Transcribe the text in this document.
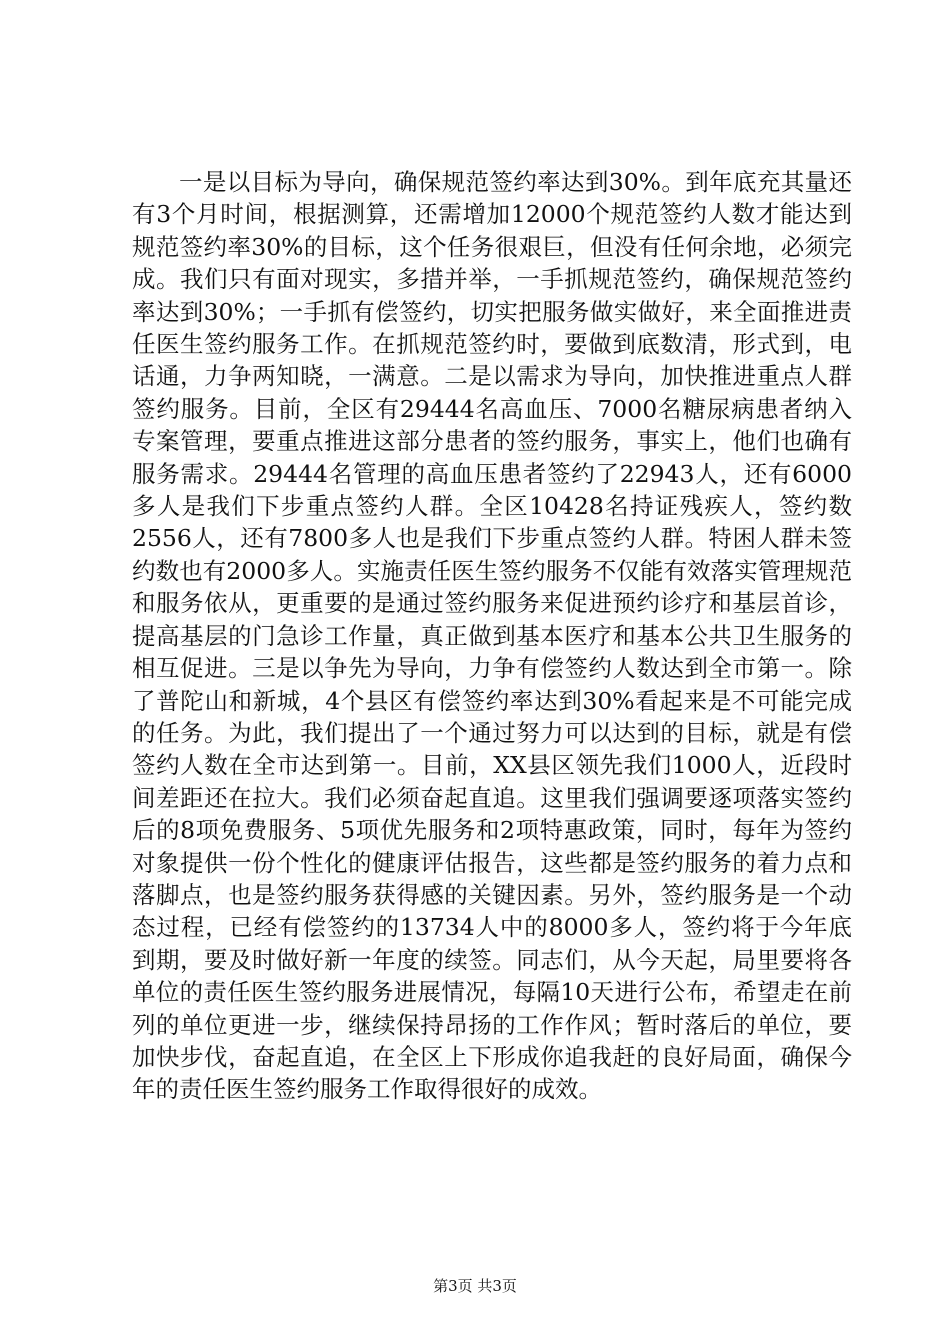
一是以目标为导向，确保规范签约率达到30%。到年底充其量还有3个月时间，根据测算，还需增加12000个规范签约人数才能达到规范签约率30%的目标，这个任务很艰巨，但没有任何余地，必须完成。我们只有面对现实，多措并举，一手抓规范签约，确保规范签约率达到30%；一手抓有偿签约，切实把服务做实做好，来全面推进责任医生签约服务工作。在抓规范签约时，要做到底数清，形式到，电话通，力争两知晓，一满意。二是以需求为导向，加快推进重点人群签约服务。目前，全区有29444名高血压、7000名糖尿病患者纳入专案管理，要重点推进这部分患者的签约服务，事实上，他们也确有服务需求。29444名管理的高血压患者签约了22943人，还有6000多人是我们下步重点签约人群。全区10428名持证残疾人，签约数2556人，还有7800多人也是我们下步重点签约人群。特困人群未签约数也有2000多人。实施责任医生签约服务不仅能有效落实管理规范和服务依从，更重要的是通过签约服务来促进预约诊疗和基层首诊，提高基层的门急诊工作量，真正做到基本医疗和基本公共卫生服务的相互促进。三是以争先为导向，力争有偿签约人数达到全市第一。除了普陀山和新城，4个县区有偿签约率达到30%看起来是不可能完成的任务。为此，我们提出了一个通过努力可以达到的目标，就是有偿签约人数在全市达到第一。目前，XX县区领先我们1000人，近段时间差距还在拉大。我们必须奋起直追。这里我们强调要逐项落实签约后的8项免费服务、5项优先服务和2项特惠政策，同时，每年为签约对象提供一份个性化的健康评估报告，这些都是签约服务的着力点和落脚点，也是签约服务获得感的关键因素。另外，签约服务是一个动态过程，已经有偿签约的13734人中的8000多人，签约将于今年底到期，要及时做好新一年度的续签。同志们，从今天起，局里要将各单位的责任医生签约服务进展情况，每隔10天进行公布，希望走在前列的单位更进一步，继续保持昂扬的工作作风；暂时落后的单位，要加快步伐，奋起直追，在全区上下形成你追我赶的良好局面，确保今年的责任医生签约服务工作取得很好的成效。

第3页 共3页
